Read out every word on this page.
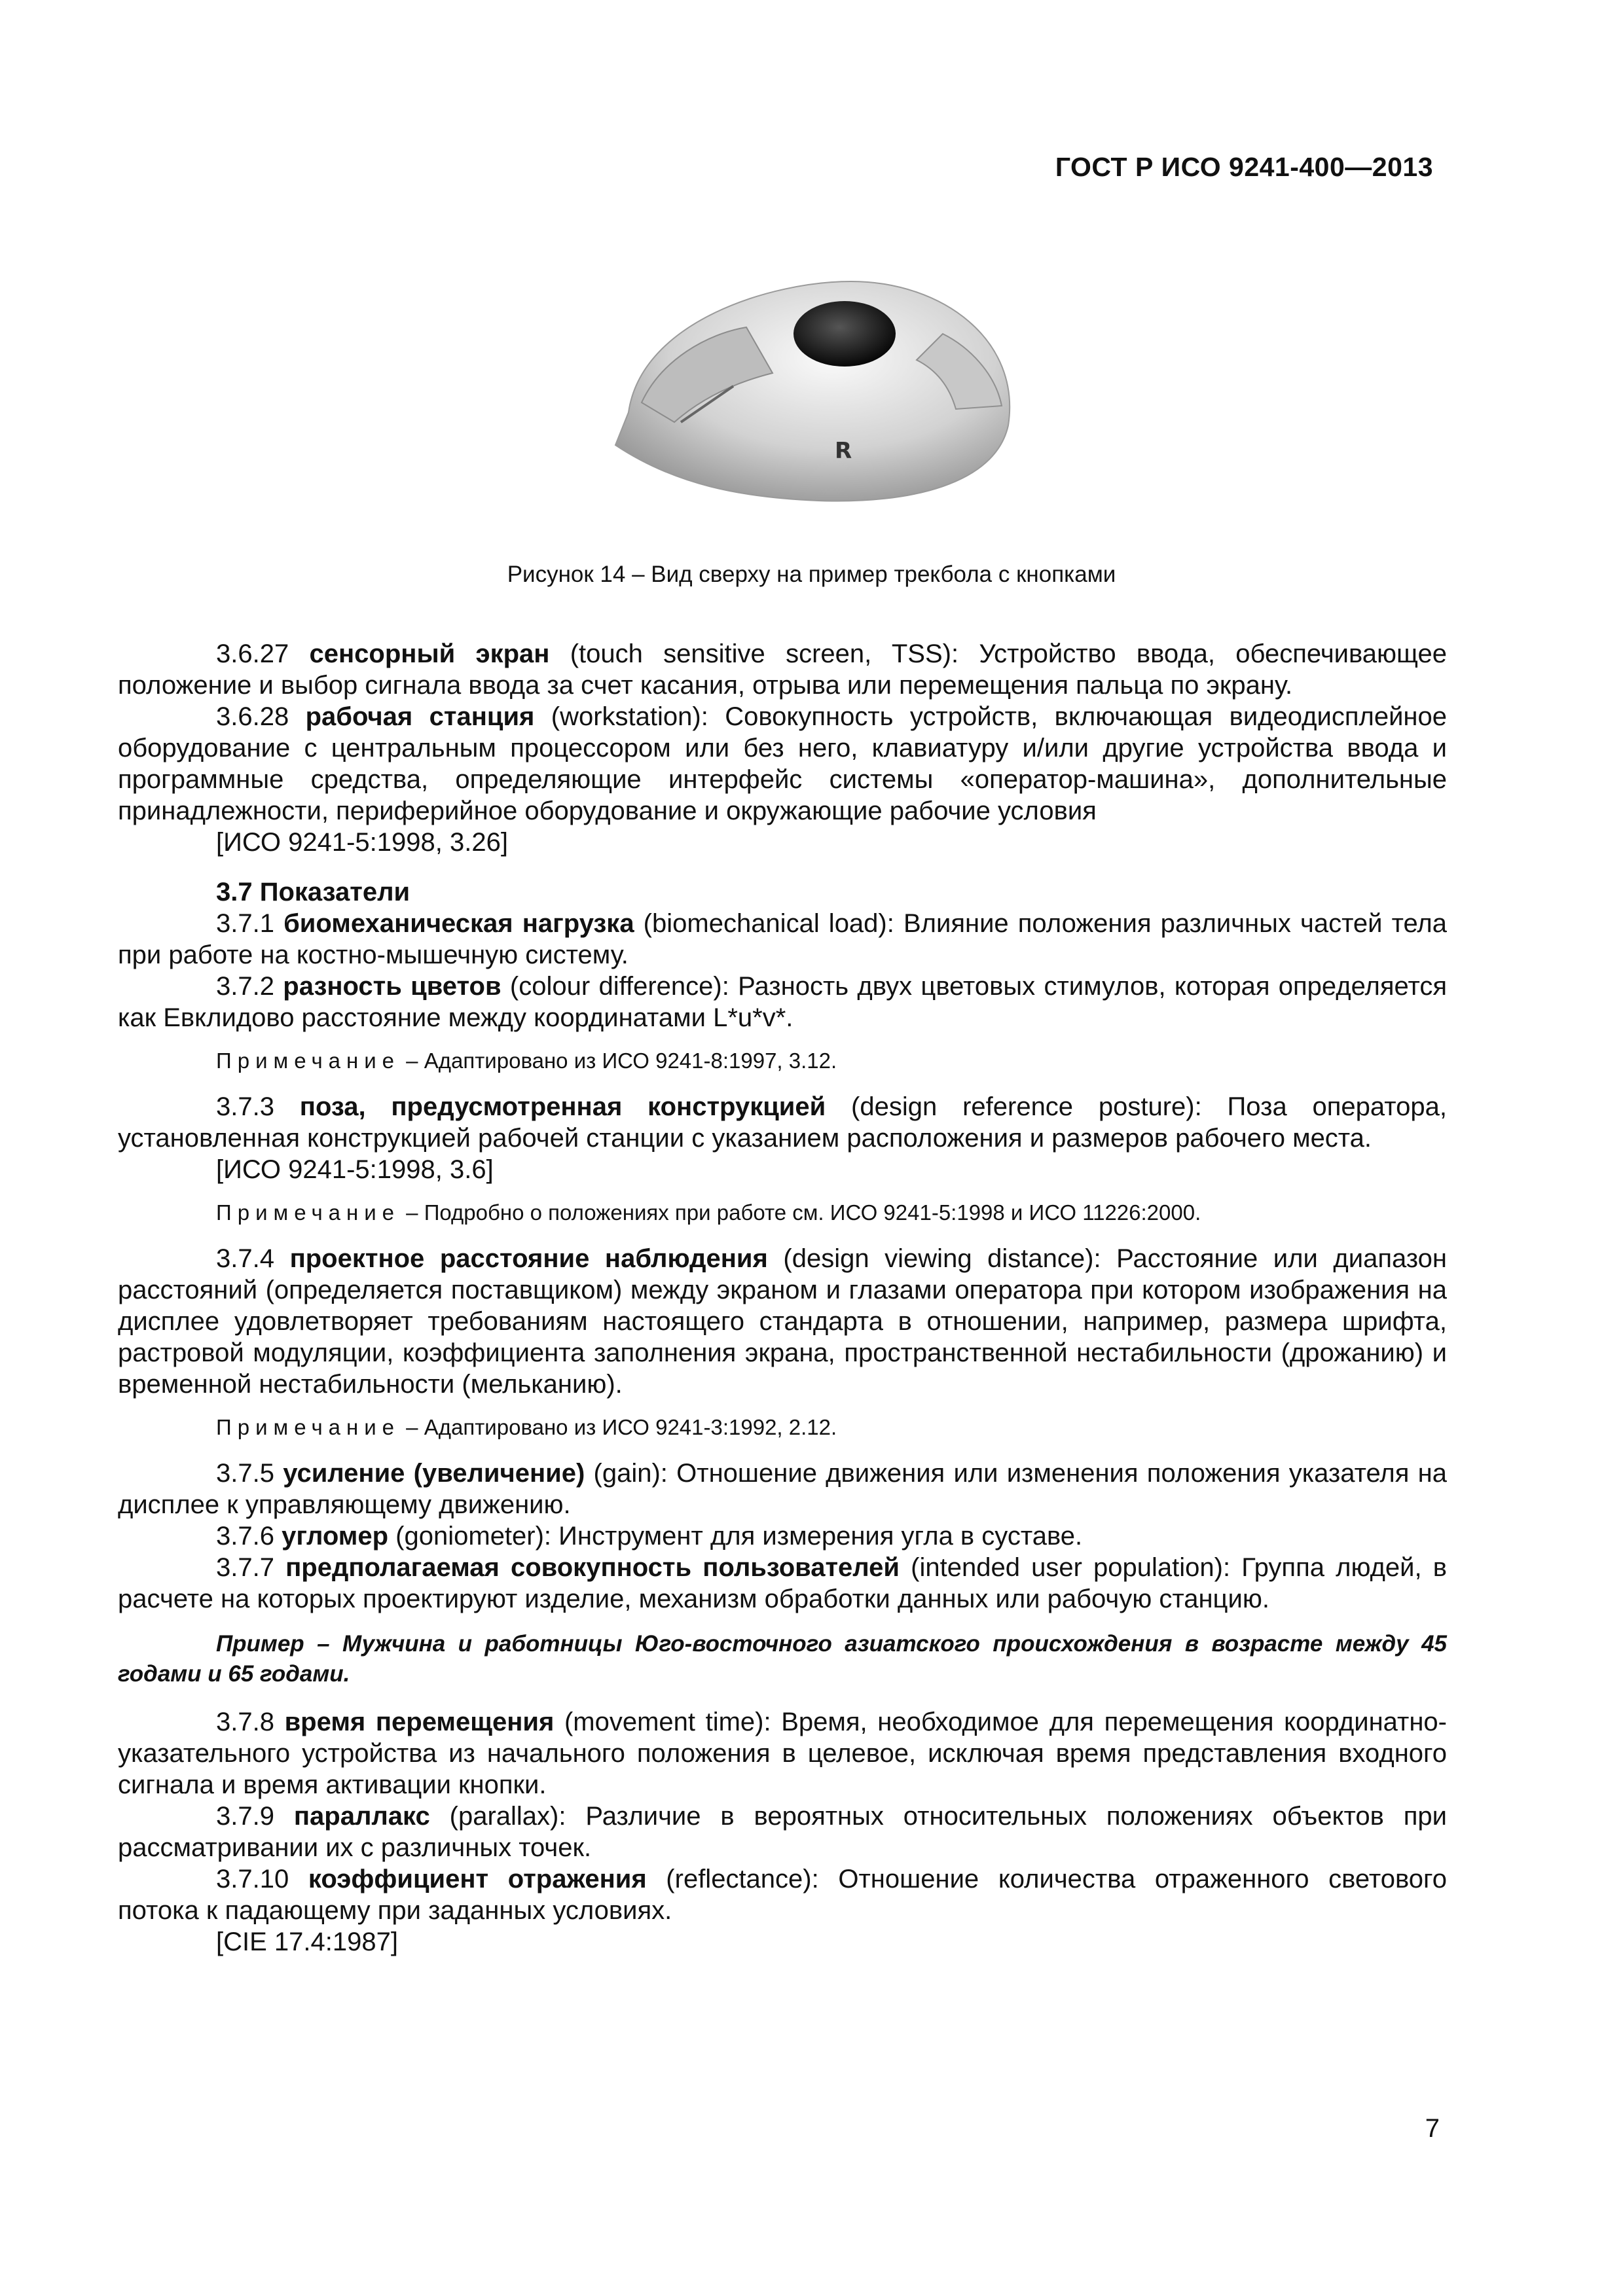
ГОСТ Р ИСО 9241-400—2013
R
Рисунок 14 – Вид сверху на пример трекбола с кнопками

3.6.27 сенсорный экран (touch sensitive screen, TSS): Устройство ввода, обеспечивающее положение и выбор сигнала ввода за счет касания, отрыва или перемещения пальца по экрану.

3.6.28 рабочая станция (workstation): Совокупность устройств, включающая видеодисплейное оборудование с центральным процессором или без него, клавиатуру и/или другие устройства ввода и программные средства, определяющие интерфейс системы «оператор-машина», дополнительные принадлежности, периферийное оборудование и окружающие рабочие условия

[ИСО 9241-5:1998, 3.26]

3.7 Показатели

3.7.1 биомеханическая нагрузка (biomechanical load): Влияние положения различных частей тела при работе на костно-мышечную систему.

3.7.2 разность цветов (colour difference): Разность двух цветовых стимулов, которая определяется как Евклидово расстояние между координатами L*u*v*.

Примечание – Адаптировано из ИСО 9241-8:1997, 3.12.

3.7.3 поза, предусмотренная конструкцией (design reference posture): Поза оператора, установленная конструкцией рабочей станции с указанием расположения и размеров рабочего места.

[ИСО 9241-5:1998, 3.6]

Примечание – Подробно о положениях при работе см. ИСО 9241-5:1998 и ИСО 11226:2000.

3.7.4 проектное расстояние наблюдения (design viewing distance): Расстояние или диапазон расстояний (определяется поставщиком) между экраном и глазами оператора при котором изображения на дисплее удовлетворяет требованиям настоящего стандарта в отношении, например, размера шрифта, растровой модуляции, коэффициента заполнения экрана, пространственной нестабильности (дрожанию) и временной нестабильности (мельканию).

Примечание – Адаптировано из ИСО 9241-3:1992, 2.12.

3.7.5 усиление (увеличение) (gain): Отношение движения или изменения положения указателя на дисплее к управляющему движению.

3.7.6 угломер (goniometer): Инструмент для измерения угла в суставе.

3.7.7 предполагаемая совокупность пользователей (intended user population): Группа людей, в расчете на которых проектируют изделие, механизм обработки данных или рабочую станцию.

Пример – Мужчина и работницы Юго-восточного азиатского происхождения в возрасте между 45 годами и 65 годами.

3.7.8 время перемещения (movement time): Время, необходимое для перемещения координатно-указательного устройства из начального положения в целевое, исключая время представления входного сигнала и время активации кнопки.

3.7.9 параллакс (parallax): Различие в вероятных относительных положениях объектов при рассматривании их с различных точек.

3.7.10 коэффициент отражения (reflectance): Отношение количества отраженного светового потока к падающему при заданных условиях.

[CIE 17.4:1987]

7
